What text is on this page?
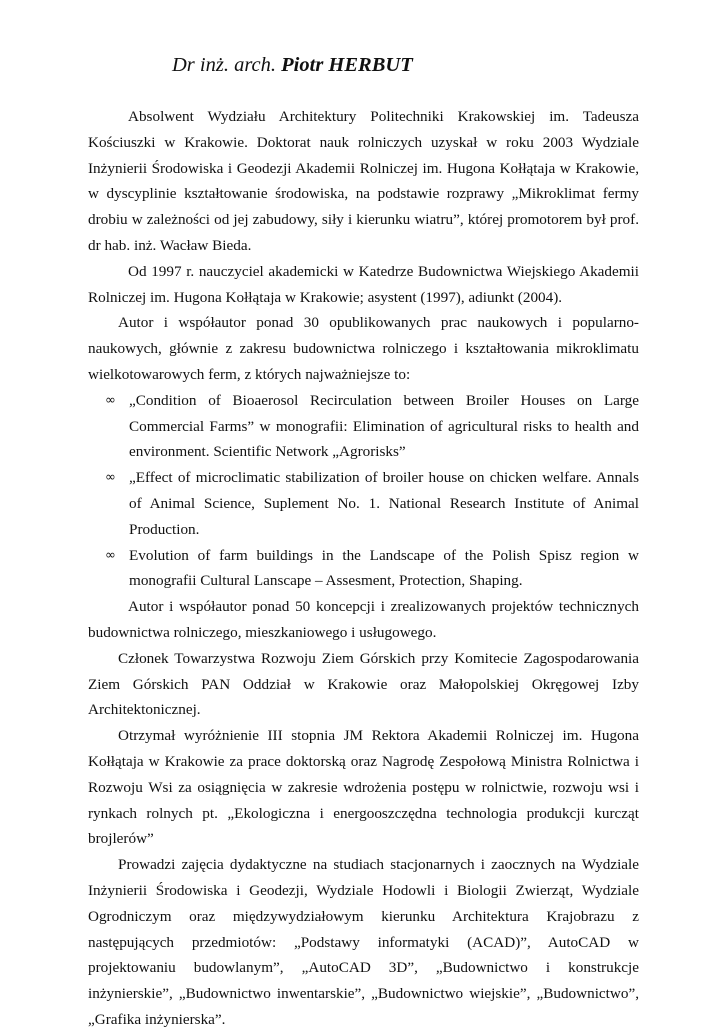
Dr inż. arch. Piotr HERBUT

Absolwent Wydziału Architektury Politechniki Krakowskiej im. Tadeusza Kościuszki w Krakowie. Doktorat nauk rolniczych uzyskał w roku 2003 Wydziale Inżynierii Środowiska i Geodezji Akademii Rolniczej im. Hugona Kołłątaja w Krakowie, w dyscyplinie kształtowanie środowiska, na podstawie rozprawy „Mikroklimat fermy drobiu w zależności od jej zabudowy, siły i kierunku wiatru”, której promotorem był prof. dr hab. inż. Wacław Bieda.

Od 1997 r. nauczyciel akademicki w Katedrze Budownictwa Wiejskiego Akademii Rolniczej im. Hugona Kołłątaja w Krakowie; asystent (1997), adiunkt (2004).

Autor i współautor ponad 30 opublikowanych prac naukowych i popularno-naukowych, głównie z zakresu budownictwa rolniczego i kształtowania mikroklimatu wielkotowarowych ferm, z których najważniejsze to:

∞ „Condition of Bioaerosol Recirculation between Broiler Houses on Large Commercial Farms” w monografii: Elimination of agricultural risks to health and environment. Scientific Network „Agrorisks”
∞ „Effect of microclimatic stabilization of broiler house on chicken welfare. Annals of Animal Science, Suplement No. 1. National Research Institute of Animal Production.
∞ Evolution of farm buildings in the Landscape of the Polish Spisz region w monografii Cultural Lanscape – Assesment, Protection, Shaping.

Autor i współautor ponad 50 koncepcji i zrealizowanych projektów technicznych budownictwa rolniczego, mieszkaniowego i usługowego.

Członek Towarzystwa Rozwoju Ziem Górskich przy Komitecie Zagospodarowania Ziem Górskich PAN Oddział w Krakowie oraz Małopolskiej Okręgowej Izby Architektonicznej.

Otrzymał wyróżnienie III stopnia JM Rektora Akademii Rolniczej im. Hugona Kołłątaja w Krakowie za prace doktorską oraz Nagrodę Zespołową Ministra Rolnictwa i Rozwoju Wsi za osiągnięcia w zakresie wdrożenia postępu w rolnictwie, rozwoju wsi i rynkach rolnych pt. „Ekologiczna i energooszczędna technologia produkcji kurcząt brojlerów”

Prowadzi zajęcia dydaktyczne na studiach stacjonarnych i zaocznych na Wydziale Inżynierii Środowiska i Geodezji, Wydziale Hodowli i Biologii Zwierząt, Wydziale Ogrodniczym oraz międzywydziałowym kierunku Architektura Krajobrazu z następujących przedmiotów: „Podstawy informatyki (ACAD)”, AutoCAD w projektowaniu budowlanym”, „AutoCAD 3D”, „Budownictwo i konstrukcje inżynierskie”, „Budownictwo inwentarskie”, „Budownictwo wiejskie”, „Budownictwo”, „Grafika inżynierska”.
